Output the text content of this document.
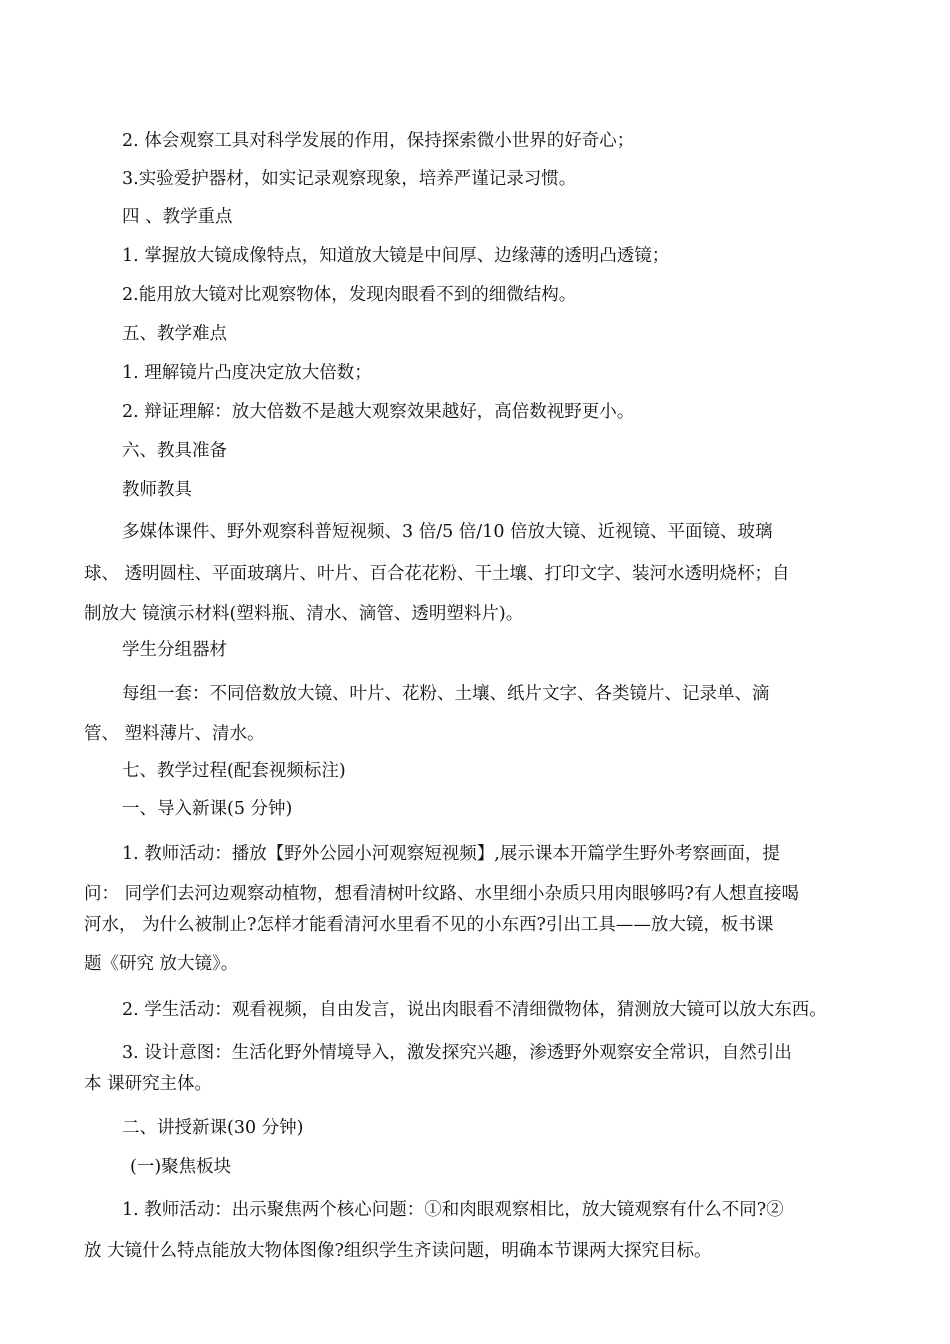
2. 体会观察工具对科学发展的作用，保持探索微小世界的好奇心；
3.实验爱护器材，如实记录观察现象，培养严谨记录习惯。
四 、教学重点
1. 掌握放大镜成像特点，知道放大镜是中间厚、边缘薄的透明凸透镜；
2.能用放大镜对比观察物体，发现肉眼看不到的细微结构。
五、教学难点
1. 理解镜片凸度决定放大倍数；
2. 辩证理解：放大倍数不是越大观察效果越好，高倍数视野更小。
六、教具准备
教师教具
多媒体课件、野外观察科普短视频、3 倍/5 倍/10 倍放大镜、近视镜、平面镜、玻璃
球、 透明圆柱、平面玻璃片、叶片、百合花花粉、干土壤、打印文字、装河水透明烧杯；自
制放大 镜演示材料(塑料瓶、清水、滴管、透明塑料片)。
学生分组器材
每组一套：不同倍数放大镜、叶片、花粉、土壤、纸片文字、各类镜片、记录单、滴
管、 塑料薄片、清水。
七、教学过程(配套视频标注)
一、导入新课(5 分钟)
1. 教师活动：播放【野外公园小河观察短视频】,展示课本开篇学生野外考察画面，提
问： 同学们去河边观察动植物，想看清树叶纹路、水里细小杂质只用肉眼够吗?有人想直接喝
河水， 为什么被制止?怎样才能看清河水里看不见的小东西?引出工具——放大镜，板书课
题《研究 放大镜》。
2. 学生活动：观看视频，自由发言，说出肉眼看不清细微物体，猜测放大镜可以放大东西。
3. 设计意图：生活化野外情境导入，激发探究兴趣，渗透野外观察安全常识，自然引出
本 课研究主体。
二、讲授新课(30 分钟)
(一)聚焦板块
1. 教师活动：出示聚焦两个核心问题：①和肉眼观察相比，放大镜观察有什么不同?②
放 大镜什么特点能放大物体图像?组织学生齐读问题，明确本节课两大探究目标。
